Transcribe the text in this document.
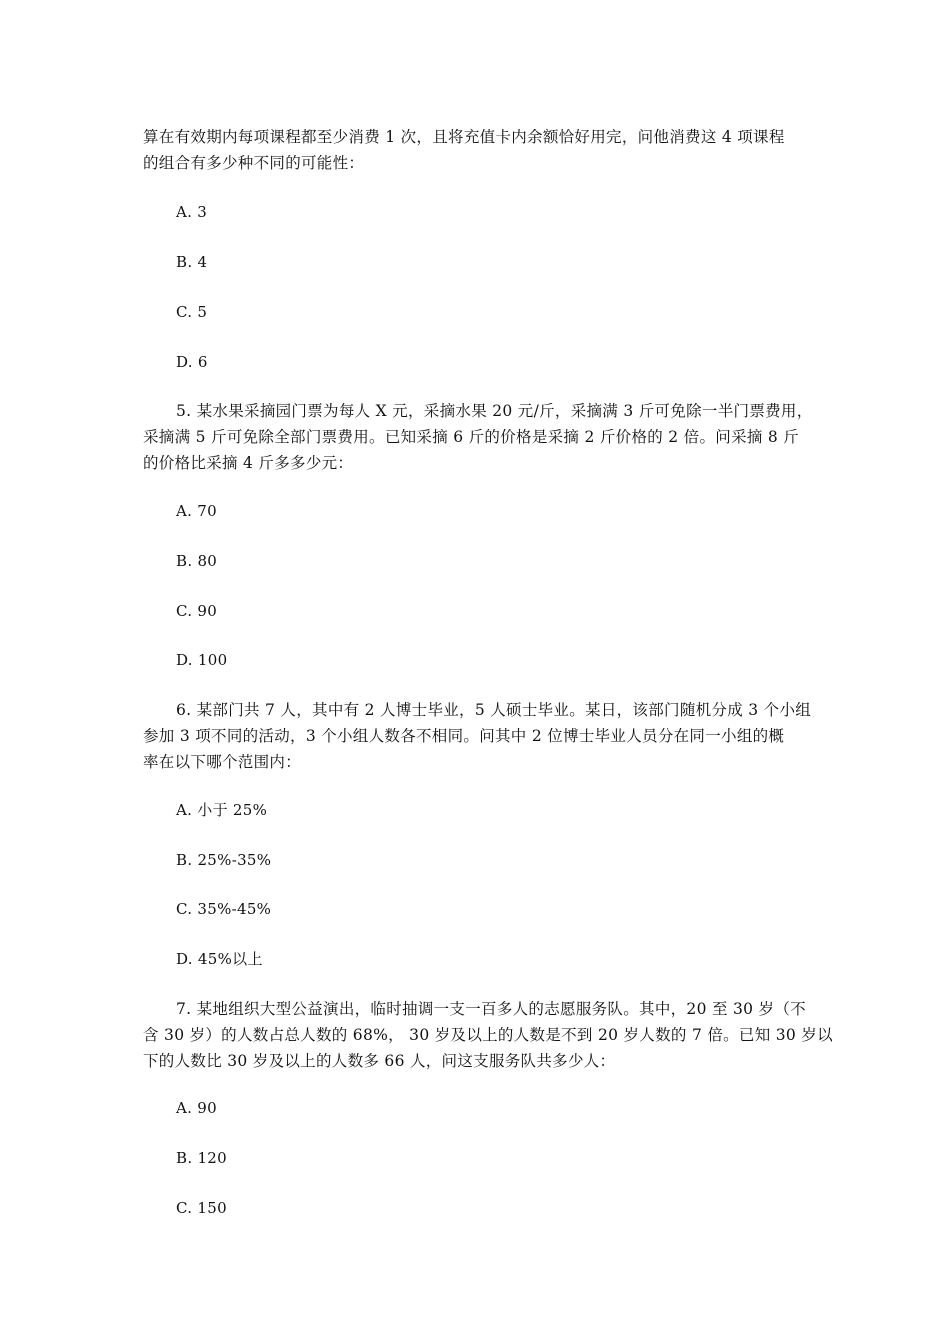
算在有效期内每项课程都至少消费 1 次，且将充值卡内余额恰好用完，问他消费这 4 项课程
的组合有多少种不同的可能性：
A. 3
B. 4
C. 5
D. 6
5. 某水果采摘园门票为每人 X 元，采摘水果 20 元/斤，采摘满 3 斤可免除一半门票费用，
采摘满 5 斤可免除全部门票费用。已知采摘 6 斤的价格是采摘 2 斤价格的 2 倍。问采摘 8 斤
的价格比采摘 4 斤多多少元：
A. 70
B. 80
C. 90
D. 100
6. 某部门共 7 人，其中有 2 人博士毕业，5 人硕士毕业。某日，该部门随机分成 3 个小组
参加 3 项不同的活动，3 个小组人数各不相同。问其中 2 位博士毕业人员分在同一小组的概
率在以下哪个范围内：
A. 小于 25%
B. 25%-35%
C. 35%-45%
D. 45%以上
7. 某地组织大型公益演出，临时抽调一支一百多人的志愿服务队。其中，20 至 30 岁（不
含 30 岁）的人数占总人数的 68%， 30 岁及以上的人数是不到 20 岁人数的 7 倍。已知 30 岁以
下的人数比 30 岁及以上的人数多 66 人，问这支服务队共多少人：
A. 90
B. 120
C. 150
